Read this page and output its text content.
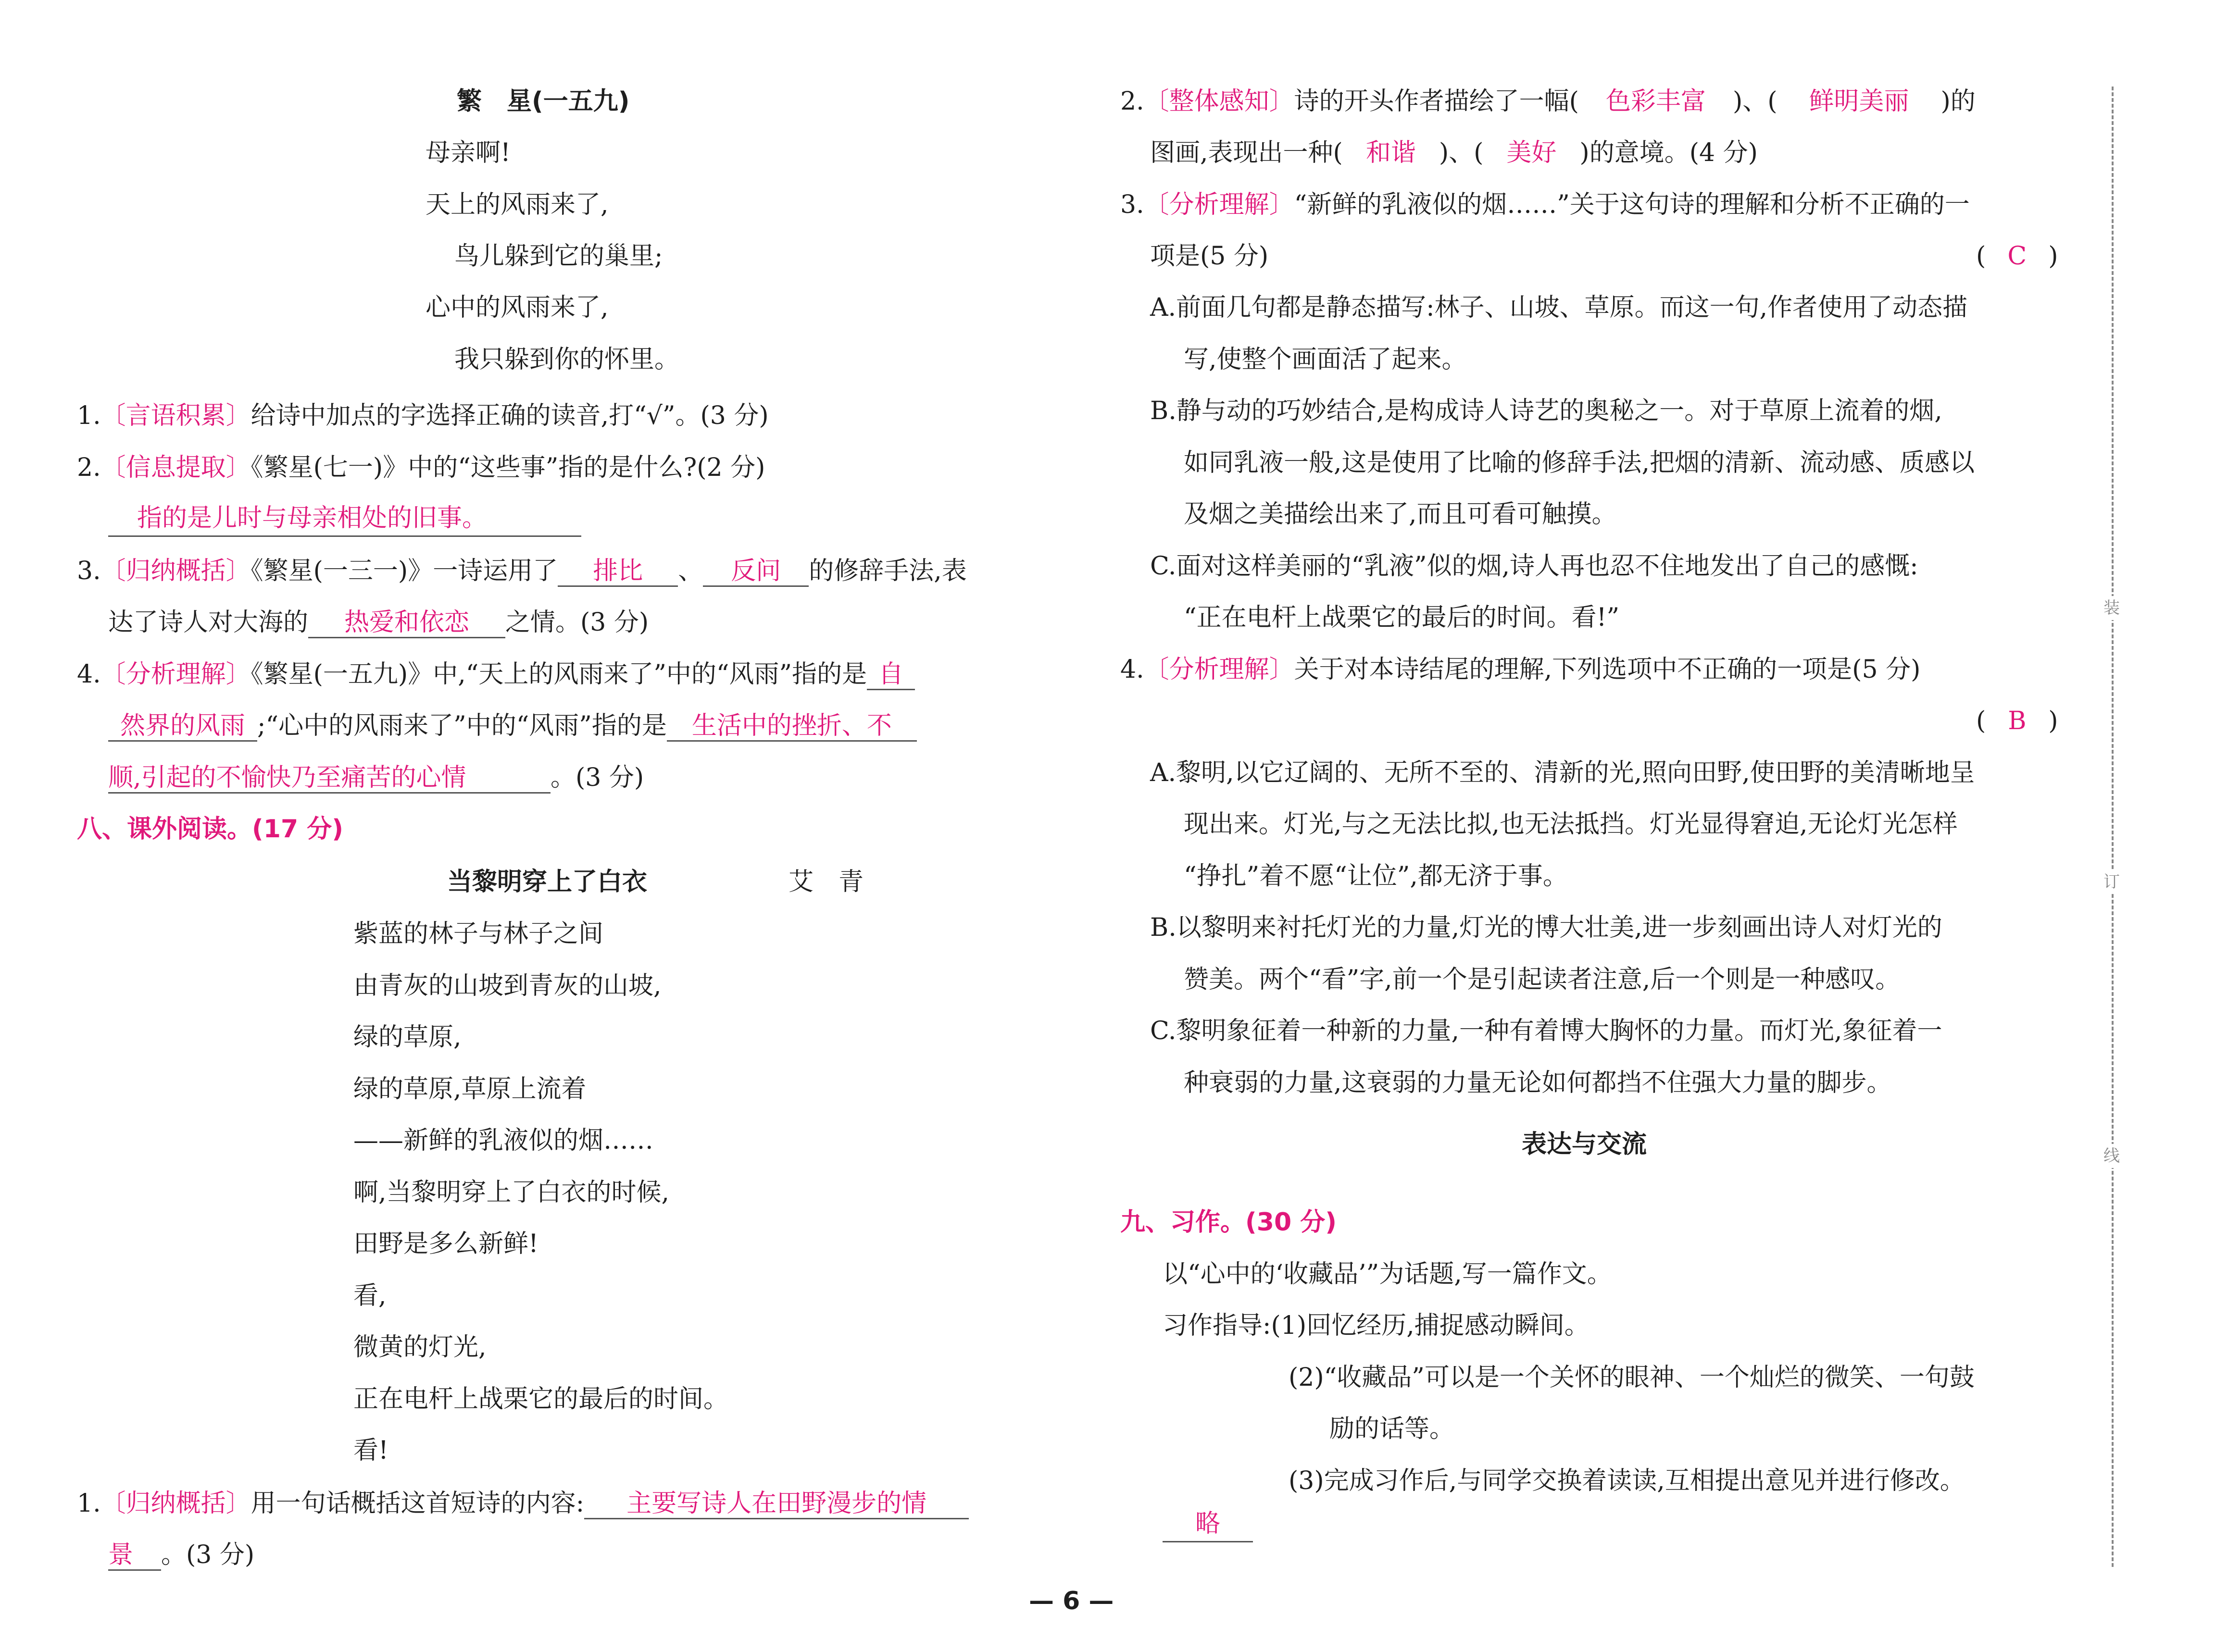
繁　星(一五九)
母亲啊!
天上的风雨来了,
鸟儿躲到它的巢里;
心中的风雨来了,
我只躲到你的怀里。
1.〔言语积累〕给诗中加点的字选择正确的读音,打“√”。(3 分)
2.〔信息提取〕《繁星(七一)》中的“这些事”指的是什么?(2 分)
指的是儿时与母亲相处的旧事。
3.〔归纳概括〕《繁星(一三一)》一诗运用了 排比 、 反问 的修辞手法,表
达了诗人对大海的 热爱和依恋 之情。(3 分)
4.〔分析理解〕《繁星(一五九)》中,“天上的风雨来了”中的“风雨”指的是 自
然界的风雨 ;“心中的风雨来了”中的“风雨”指的是 生活中的挫折、不
顺,引起的不愉快乃至痛苦的心情	。(3 分)
八、课外阅读。(17 分)
当黎明穿上了白衣	艾　青
紫蓝的林子与林子之间
由青灰的山坡到青灰的山坡,
绿的草原,
绿的草原,草原上流着
——新鲜的乳液似的烟……
啊,当黎明穿上了白衣的时候,
田野是多么新鲜!
看,
微黄的灯光,
正在电杆上战栗它的最后的时间。
看!
1.〔归纳概括〕用一句话概括这首短诗的内容: 主要写诗人在田野漫步的情
景 。(3 分)
2.〔整体感知〕诗的开头作者描绘了一幅( 色彩丰富 )、( 鲜明美丽 )的
图画,表现出一种( 和谐 )、( 美好 )的意境。(4 分)
3.〔分析理解〕“新鲜的乳液似的烟……”关于这句诗的理解和分析不正确的一
项是(5 分)	( C )
A.前面几句都是静态描写:林子、山坡、草原。而这一句,作者使用了动态描
写,使整个画面活了起来。
B.静与动的巧妙结合,是构成诗人诗艺的奥秘之一。对于草原上流着的烟,
如同乳液一般,这是使用了比喻的修辞手法,把烟的清新、流动感、质感以
及烟之美描绘出来了,而且可看可触摸。
C.面对这样美丽的“乳液”似的烟,诗人再也忍不住地发出了自己的感慨:
“正在电杆上战栗它的最后的时间。看!”
4.〔分析理解〕关于对本诗结尾的理解,下列选项中不正确的一项是(5 分)
( B )
A.黎明,以它辽阔的、无所不至的、清新的光,照向田野,使田野的美清晰地呈
现出来。灯光,与之无法比拟,也无法抵挡。灯光显得窘迫,无论灯光怎样
“挣扎”着不愿“让位”,都无济于事。
B.以黎明来衬托灯光的力量,灯光的博大壮美,进一步刻画出诗人对灯光的
赞美。两个“看”字,前一个是引起读者注意,后一个则是一种感叹。
C.黎明象征着一种新的力量,一种有着博大胸怀的力量。而灯光,象征着一
种衰弱的力量,这衰弱的力量无论如何都挡不住强大力量的脚步。
表达与交流
九、习作。(30 分)
以“心中的‘收藏品’”为话题,写一篇作文。
习作指导:(1)回忆经历,捕捉感动瞬间。
(2)“收藏品”可以是一个关怀的眼神、一个灿烂的微笑、一句鼓
励的话等。
(3)完成习作后,与同学交换着读读,互相提出意见并进行修改。
略
装
订
线
— 6 —
